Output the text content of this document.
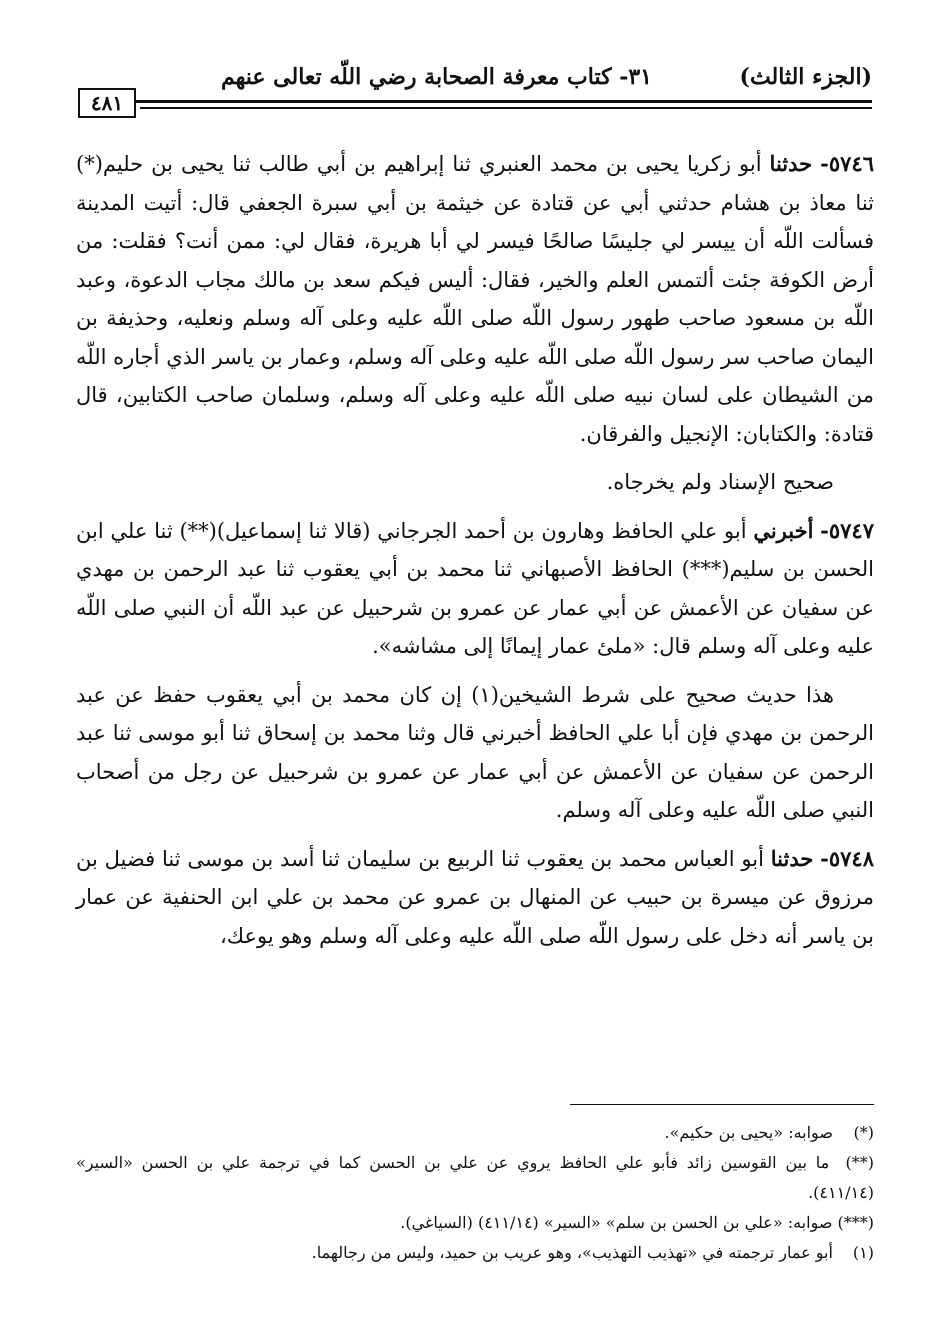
(الجزء الثالث)
٣١- كتاب معرفة الصحابة رضي اللّه تعالى عنهم
٤٨١

٥٧٤٦- حدثنا أبو زكريا يحيى بن محمد العنبري ثنا إبراهيم بن أبي طالب ثنا يحيى بن حليم(*) ثنا معاذ بن هشام حدثني أبي عن قتادة عن خيثمة بن أبي سبرة الجعفي قال: أتيت المدينة فسألت اللّه أن ييسر لي جليسًا صالحًا فيسر لي أبا هريرة، فقال لي: ممن أنت؟ فقلت: من أرض الكوفة جئت ألتمس العلم والخير، فقال: أليس فيكم سعد بن مالك مجاب الدعوة، وعبد اللّه بن مسعود صاحب طهور رسول اللّه صلى اللّه عليه وعلى آله وسلم ونعليه، وحذيفة بن اليمان صاحب سر رسول اللّه صلى اللّه عليه وعلى آله وسلم، وعمار بن ياسر الذي أجاره اللّه من الشيطان على لسان نبيه صلى اللّه عليه وعلى آله وسلم، وسلمان صاحب الكتابين، قال قتادة: والكتابان: الإنجيل والفرقان.

صحيح الإسناد ولم يخرجاه.

٥٧٤٧- أخبرني أبو علي الحافظ وهارون بن أحمد الجرجاني (قالا ثنا إسماعيل)(**) ثنا علي ابن الحسن بن سليم(***) الحافظ الأصبهاني ثنا محمد بن أبي يعقوب ثنا عبد الرحمن بن مهدي عن سفيان عن الأعمش عن أبي عمار عن عمرو بن شرحبيل عن عبد اللّه أن النبي صلى اللّه عليه وعلى آله وسلم قال: «ملئ عمار إيمانًا إلى مشاشه».

هذا حديث صحيح على شرط الشيخين(١) إن كان محمد بن أبي يعقوب حفظ عن عبد الرحمن بن مهدي فإن أبا علي الحافظ أخبرني قال وثنا محمد بن إسحاق ثنا أبو موسى ثنا عبد الرحمن عن سفيان عن الأعمش عن أبي عمار عن عمرو بن شرحبيل عن رجل من أصحاب النبي صلى اللّه عليه وعلى آله وسلم.

٥٧٤٨- حدثنا أبو العباس محمد بن يعقوب ثنا الربيع بن سليمان ثنا أسد بن موسى ثنا فضيل بن مرزوق عن ميسرة بن حبيب عن المنهال بن عمرو عن محمد بن علي ابن الحنفية عن عمار بن ياسر أنه دخل على رسول اللّه صلى اللّه عليه وعلى آله وسلم وهو يوعك،

(*) صوابه: «يحيى بن حكيم».

(**) ما بين القوسين زائد فأبو علي الحافظ يروي عن علي بن الحسن كما في ترجمة علي بن الحسن «السير» (٤١١/١٤).

(***) صوابه: «علي بن الحسن بن سلم» «السير» (٤١١/١٤) (السياغي).

(١) أبو عمار ترجمته في «تهذيب التهذيب»، وهو عريب بن حميد، وليس من رجالهما.
